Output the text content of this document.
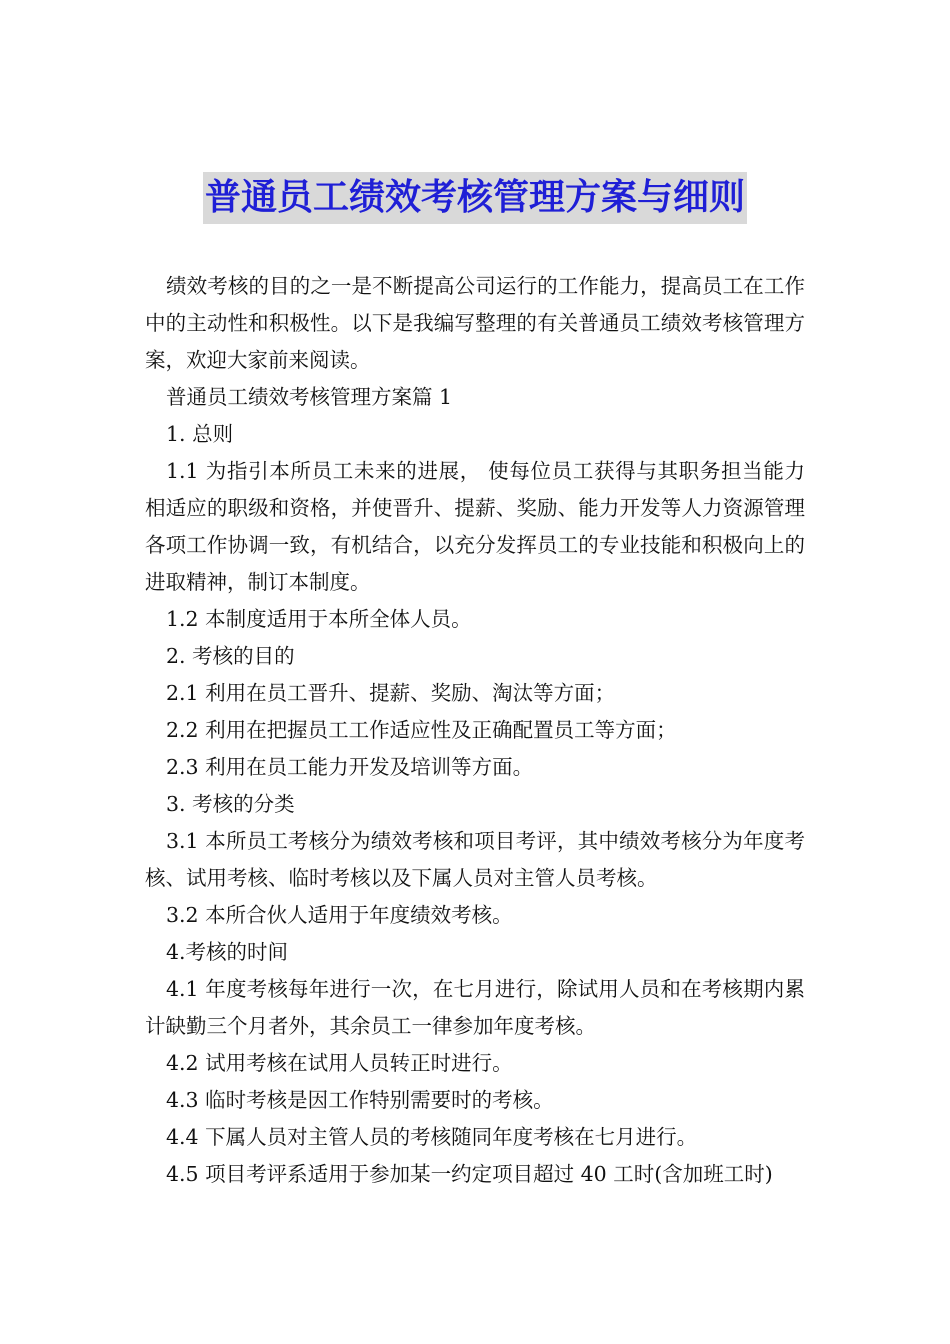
普通员工绩效考核管理方案与细则

绩效考核的目的之一是不断提高公司运行的工作能力，提高员工在工作中的主动性和积极性。以下是我编写整理的有关普通员工绩效考核管理方案，欢迎大家前来阅读。

普通员工绩效考核管理方案篇 1

1. 总则

1.1 为指引本所员工未来的进展， 使每位员工获得与其职务担当能力相适应的职级和资格，并使晋升、提薪、奖励、能力开发等人力资源管理各项工作协调一致，有机结合，以充分发挥员工的专业技能和积极向上的进取精神，制订本制度。

1.2 本制度适用于本所全体人员。

2. 考核的目的

2.1 利用在员工晋升、提薪、奖励、淘汰等方面；

2.2 利用在把握员工工作适应性及正确配置员工等方面；

2.3 利用在员工能力开发及培训等方面。

3. 考核的分类

3.1 本所员工考核分为绩效考核和项目考评，其中绩效考核分为年度考核、试用考核、临时考核以及下属人员对主管人员考核。

3.2 本所合伙人适用于年度绩效考核。

4.考核的时间

4.1 年度考核每年进行一次，在七月进行，除试用人员和在考核期内累计缺勤三个月者外，其余员工一律参加年度考核。

4.2 试用考核在试用人员转正时进行。

4.3 临时考核是因工作特别需要时的考核。

4.4 下属人员对主管人员的考核随同年度考核在七月进行。

4.5 项目考评系适用于参加某一约定项目超过 40 工时(含加班工时)
